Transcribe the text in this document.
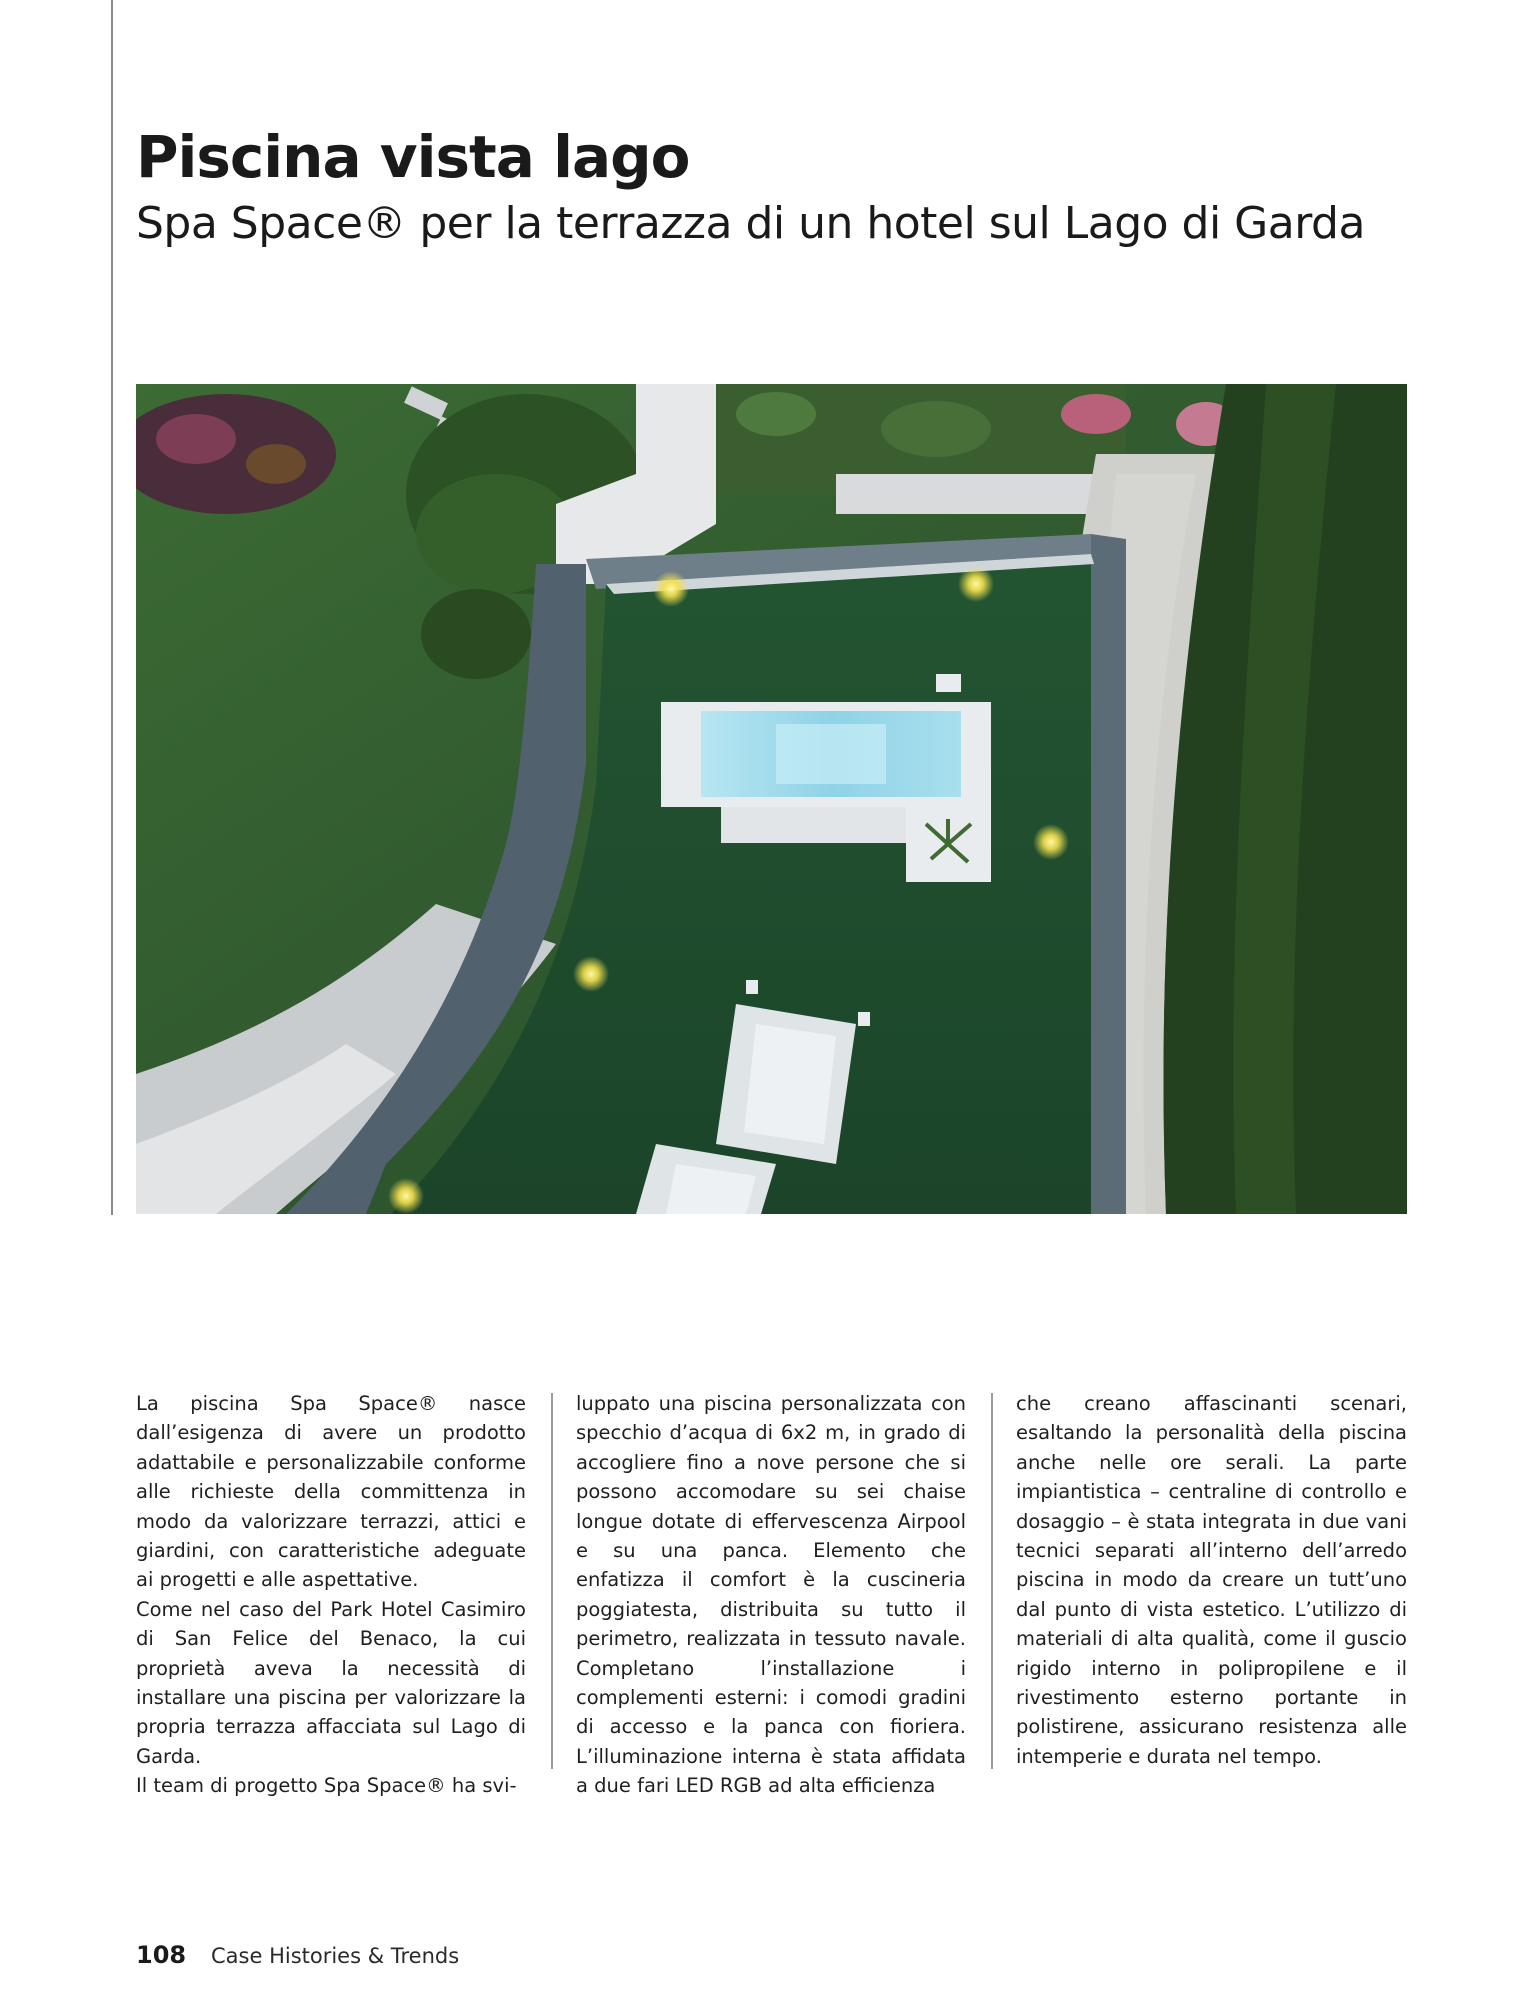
Piscina vista lago
Spa Space® per la terrazza di un hotel sul Lago di Garda

La piscina Spa Space® nasce dall’esigenza di avere un prodotto adattabile e personalizzabile conforme alle richieste della committenza in modo da valorizzare terrazzi, attici e giardini, con caratteristiche adeguate ai progetti e alle aspettative.

Come nel caso del Park Hotel Casimiro di San Felice del Benaco, la cui proprietà aveva la necessità di installare una piscina per valorizzare la propria terrazza affacciata sul Lago di Garda.

Il team di progetto Spa Space® ha svi-

luppato una piscina personalizzata con specchio d’acqua di 6x2 m, in grado di accogliere fino a nove persone che si possono accomodare su sei chaise longue dotate di effervescenza Airpool e su una panca. Elemento che enfatizza il comfort è la cuscineria poggiatesta, distribuita su tutto il perimetro, realizzata in tessuto navale. Completano l’installazione i complementi esterni: i comodi gradini di accesso e la panca con fioriera. L’illuminazione interna è stata affidata a due fari LED RGB ad alta efficienza

che creano affascinanti scenari, esaltando la personalità della piscina anche nelle ore serali. La parte impiantistica – centraline di controllo e dosaggio – è stata integrata in due vani tecnici separati all’interno dell’arredo piscina in modo da creare un tutt’uno dal punto di vista estetico. L’utilizzo di materiali di alta qualità, come il guscio rigido interno in polipropilene e il rivestimento esterno portante in polistirene, assicurano resistenza alle intemperie e durata nel tempo.

108 Case Histories & Trends
